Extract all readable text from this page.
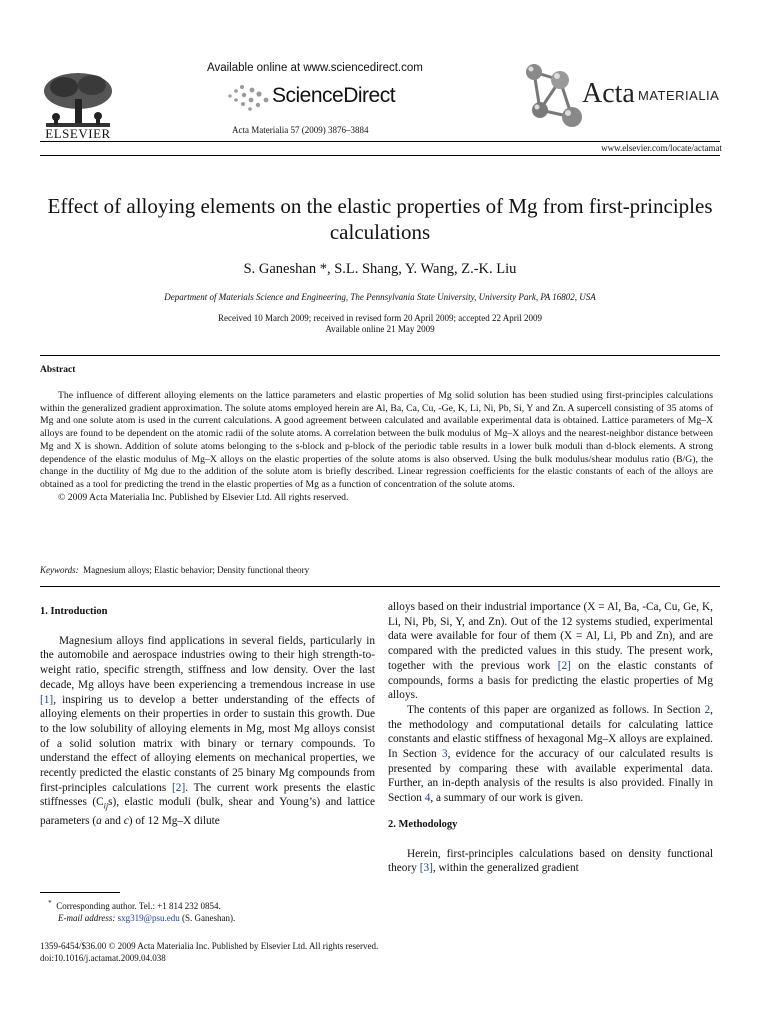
ELSEVIER
Available online at www.sciencedirect.com
ScienceDirect
Acta Materialia 57 (2009) 3876–3884
Acta MATERIALIA
www.elsevier.com/locate/actamat
Effect of alloying elements on the elastic properties of Mg from first-principles calculations
S. Ganeshan *, S.L. Shang, Y. Wang, Z.-K. Liu
Department of Materials Science and Engineering, The Pennsylvania State University, University Park, PA 16802, USA
Received 10 March 2009; received in revised form 20 April 2009; accepted 22 April 2009
Available online 21 May 2009
Abstract

The influence of different alloying elements on the lattice parameters and elastic properties of Mg solid solution has been studied using first-principles calculations within the generalized gradient approximation. The solute atoms employed herein are Al, Ba, Ca, Cu, -Ge, K, Li, Ni, Pb, Si, Y and Zn. A supercell consisting of 35 atoms of Mg and one solute atom is used in the current calculations. A good agreement between calculated and available experimental data is obtained. Lattice parameters of Mg–X alloys are found to be dependent on the atomic radii of the solute atoms. A correlation between the bulk modulus of Mg–X alloys and the nearest-neighbor distance between Mg and X is shown. Addition of solute atoms belonging to the s-block and p-block of the periodic table results in a lower bulk moduli than d-block elements. A strong dependence of the elastic modulus of Mg–X alloys on the elastic properties of the solute atoms is also observed. Using the bulk modulus/shear modulus ratio (B/G), the change in the ductility of Mg due to the addition of the solute atom is briefly described. Linear regression coefficients for the elastic constants of each of the alloys are obtained as a tool for predicting the trend in the elastic properties of Mg as a function of concentration of the solute atoms.

© 2009 Acta Materialia Inc. Published by Elsevier Ltd. All rights reserved.

Keywords: Magnesium alloys; Elastic behavior; Density functional theory
1. Introduction

Magnesium alloys find applications in several fields, particularly in the automobile and aerospace industries owing to their high strength-to-weight ratio, specific strength, stiffness and low density. Over the last decade, Mg alloys have been experiencing a tremendous increase in use [1], inspiring us to develop a better understanding of the effects of alloying elements on their properties in order to sustain this growth. Due to the low solubility of alloying elements in Mg, most Mg alloys consist of a solid solution matrix with binary or ternary compounds. To understand the effect of alloying elements on mechanical properties, we recently predicted the elastic constants of 25 binary Mg compounds from first-principles calculations [2]. The current work presents the elastic stiffnesses $(C_{ij}s)$, elastic moduli (bulk, shear and Young’s) and lattice parameters (a and c) of 12 Mg–X dilute

alloys based on their industrial importance (X = Al, Ba, -Ca, Cu, Ge, K, Li, Ni, Pb, Si, Y, and Zn). Out of the 12 systems studied, experimental data were available for four of them (X = Al, Li, Pb and Zn), and are compared with the predicted values in this study. The present work, together with the previous work [2] on the elastic constants of compounds, forms a basis for predicting the elastic properties of Mg alloys.

The contents of this paper are organized as follows. In Section 2, the methodology and computational details for calculating lattice constants and elastic stiffness of hexagonal Mg–X alloys are explained. In Section 3, evidence for the accuracy of our calculated results is presented by comparing these with available experimental data. Further, an in-depth analysis of the results is also provided. Finally in Section 4, a summary of our work is given.

2. Methodology

Herein, first-principles calculations based on density functional theory [3], within the generalized gradient

* Corresponding author. Tel.: +1 814 232 0854.
E-mail address: sxg319@psu.edu (S. Ganeshan).
1359-6454/$36.00 © 2009 Acta Materialia Inc. Published by Elsevier Ltd. All rights reserved.
doi:10.1016/j.actamat.2009.04.038
